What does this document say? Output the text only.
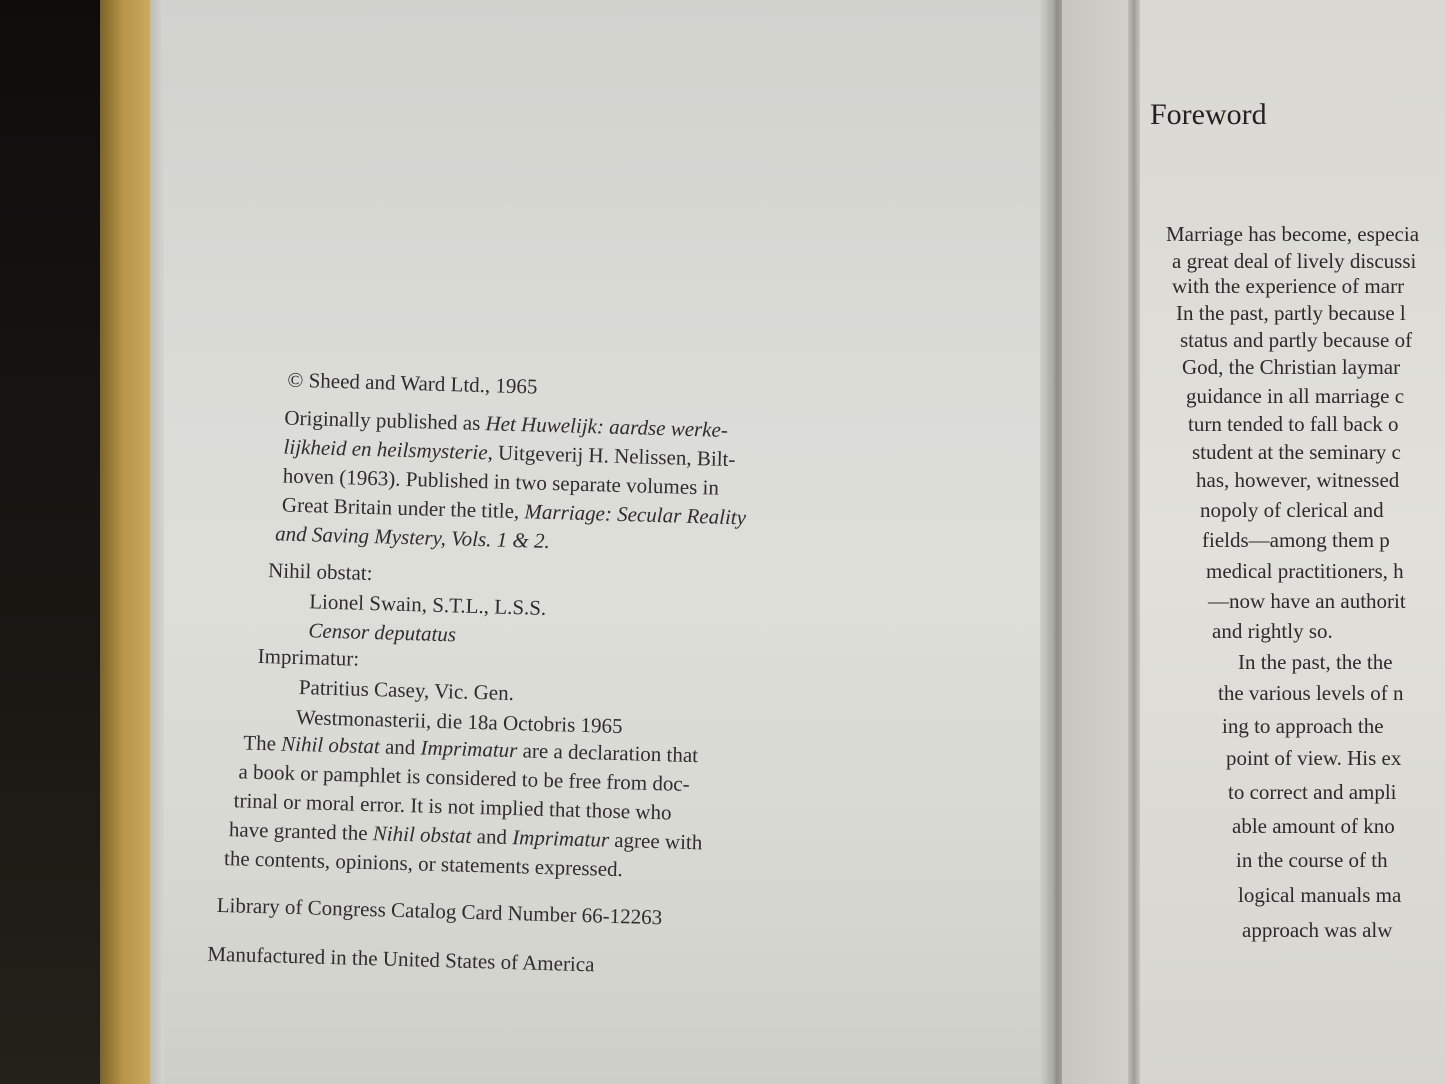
© Sheed and Ward Ltd., 1965
Originally published as Het Huwelijk: aardse werke-
lijkheid en heilsmysterie, Uitgeverij H. Nelissen, Bilt-
hoven (1963). Published in two separate volumes in
Great Britain under the title, Marriage: Secular Reality
and Saving Mystery, Vols. 1 & 2.
Nihil obstat:
Lionel Swain, S.T.L., L.S.S.
Censor deputatus
Imprimatur:
Patritius Casey, Vic. Gen.
Westmonasterii, die 18a Octobris 1965
The Nihil obstat and Imprimatur are a declaration that
a book or pamphlet is considered to be free from doc-
trinal or moral error. It is not implied that those who
have granted the Nihil obstat and Imprimatur agree with
the contents, opinions, or statements expressed.
Library of Congress Catalog Card Number 66-12263
Manufactured in the United States of America
Foreword
Marriage has become, especia
a great deal of lively discussi
with the experience of marr
In the past, partly because l
status and partly because of
God, the Christian laymar
guidance in all marriage c
turn tended to fall back o
student at the seminary c
has, however, witnessed
nopoly of clerical and
fields—among them p
medical practitioners, h
—now have an authorit
and rightly so.
In the past, the the
the various levels of n
ing to approach the
point of view. His ex
to correct and ampli
able amount of kno
in the course of th
logical manuals ma
approach was alw
